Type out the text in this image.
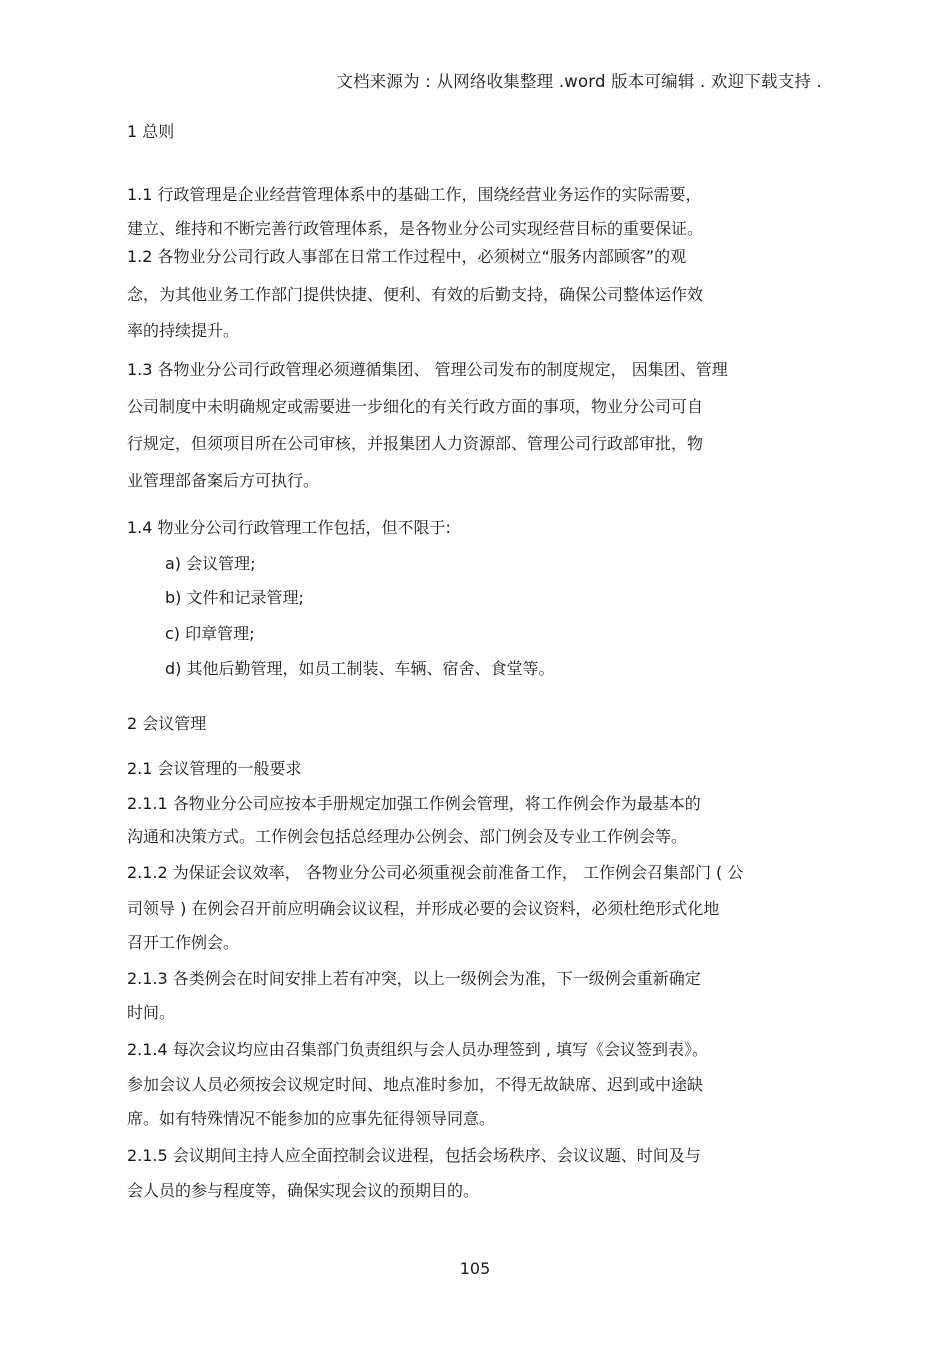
文档来源为 : 从网络收集整理 .word 版本可编辑 . 欢迎下载支持 .
1 总则
1.1 行政管理是企业经营管理体系中的基础工作，围绕经营业务运作的实际需要，
建立、维持和不断完善行政管理体系，是各物业分公司实现经营目标的重要保证。
1.2 各物业分公司行政人事部在日常工作过程中，必须树立“服务内部顾客”的观
念，为其他业务工作部门提供快捷、便利、有效的后勤支持，确保公司整体运作效
率的持续提升。
1.3 各物业分公司行政管理必须遵循集团、 管理公司发布的制度规定， 因集团、管理
公司制度中未明确规定或需要进一步细化的有关行政方面的事项，物业分公司可自
行规定，但须项目所在公司审核，并报集团人力资源部、管理公司行政部审批，物
业管理部备案后方可执行。
1.4 物业分公司行政管理工作包括，但不限于:
a) 会议管理;
b) 文件和记录管理;
c) 印章管理;
d) 其他后勤管理，如员工制装、车辆、宿舍、食堂等。
2 会议管理
2.1 会议管理的一般要求
2.1.1 各物业分公司应按本手册规定加强工作例会管理，将工作例会作为最基本的
沟通和决策方式。工作例会包括总经理办公例会、部门例会及专业工作例会等。
2.1.2 为保证会议效率， 各物业分公司必须重视会前准备工作， 工作例会召集部门 ( 公
司领导 ) 在例会召开前应明确会议议程，并形成必要的会议资料，必须杜绝形式化地
召开工作例会。
2.1.3 各类例会在时间安排上若有冲突，以上一级例会为准，下一级例会重新确定
时间。
2.1.4 每次会议均应由召集部门负责组织与会人员办理签到 , 填写《会议签到表》。
参加会议人员必须按会议规定时间、地点准时参加，不得无故缺席、迟到或中途缺
席。如有特殊情况不能参加的应事先征得领导同意。
2.1.5 会议期间主持人应全面控制会议进程，包括会场秩序、会议议题、时间及与
会人员的参与程度等，确保实现会议的预期目的。
105
